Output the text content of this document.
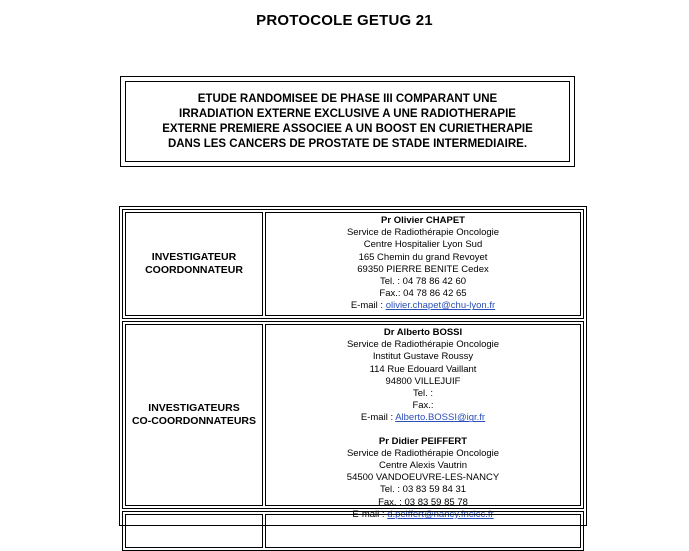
PROTOCOLE GETUG 21
ETUDE RANDOMISEE DE PHASE III COMPARANT UNE
IRRADIATION EXTERNE EXCLUSIVE A UNE RADIOTHERAPIE
EXTERNE PREMIERE ASSOCIEE A UN BOOST EN CURIETHERAPIE
DANS LES CANCERS DE PROSTATE DE STADE INTERMEDIAIRE.
INVESTIGATEUR
COORDONNATEUR
Pr Olivier CHAPET
Service de Radiothérapie Oncologie
Centre Hospitalier Lyon Sud
165 Chemin du grand Revoyet
69350 PIERRE BENITE Cedex
Tel. : 04 78 86 42 60
Fax.: 04 78 86 42 65
E-mail : olivier.chapet@chu-lyon.fr
INVESTIGATEURS
CO-COORDONNATEURS
Dr Alberto BOSSI
Service de Radiothérapie Oncologie
Institut Gustave Roussy
114 Rue Edouard Vaillant
94800 VILLEJUIF
Tel. :
Fax.:
E-mail : Alberto.BOSSI@igr.fr
Pr Didier PEIFFERT
Service de Radiothérapie Oncologie
Centre Alexis Vautrin
54500 VANDOEUVRE-LES-NANCY
Tel. : 03 83 59 84 31
Fax. : 03 83 59 85 78
E-mail : d.peiffert@nancy.fnclcc.fr
